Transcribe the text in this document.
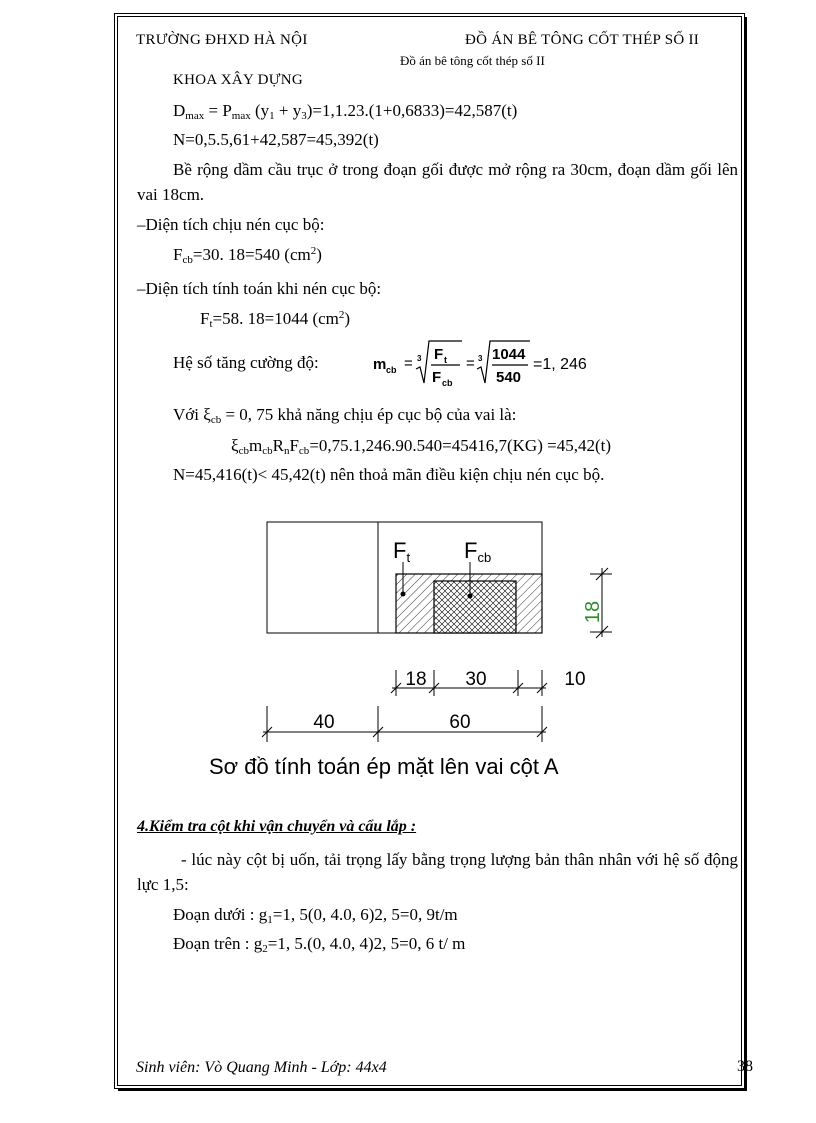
TRƯỜNG ĐHXD HÀ NỘI	ĐỒ ÁN BÊ TÔNG CỐT THÉP SỐ II
Đồ án bê tông cốt thép số II
KHOA XÂY DỰNG
$D_{max} = P_{max}$ $(y_1 + y_3)=1,1.23.(1+0,6833)=42,587(t)$
N=0,5.5,61+42,587=45,392(t)
Bề rộng dầm cầu trục ở trong đoạn gối được mở rộng ra 30cm, đoạn dầm gối lên vai 18cm.
–Diện tích chịu nén cục bộ:
$F_{cb}=30$. 18=540 $(cm^2)$
–Diện tích tính toán khi nén cục bộ:
$F_t=58$. 18=1044 $(cm^2)$
Hệ số tăng cường độ:	m cb = 3 F t
F cb
= 3 1044
540
=1, 246
Với $\xi_{cb} = 0$, 75 khả năng chịu ép cục bộ của vai là:
$\xi_{cb}m_{cb}R_nF_{cb}=0,75.1,246.90.540=45416,7(KG) =45,42(t)$
N=45,416(t)< 45,42(t) nên thoả mãn điều kiện chịu nén cục bộ.
Ft Fcb
18
18 30	10
40	60
Sơ đồ tính toán ép mặt lên vai cột A
4.Kiểm tra cột khi vận chuyển và cẩu lắp :
- lúc này cột bị uốn, tải trọng lấy bằng trọng lượng bản thân nhân với hệ số động lực 1,5:
Đoạn dưới : $g_1=1$, 5(0, 4.0, 6)2, 5=0, 9t/m
Đoạn trên : $g_2=1$, 5.(0, 4.0, 4)2, 5=0, 6 t/ m
Sinh viên: Vò Quang Minh - Lớp: 44x4	38
